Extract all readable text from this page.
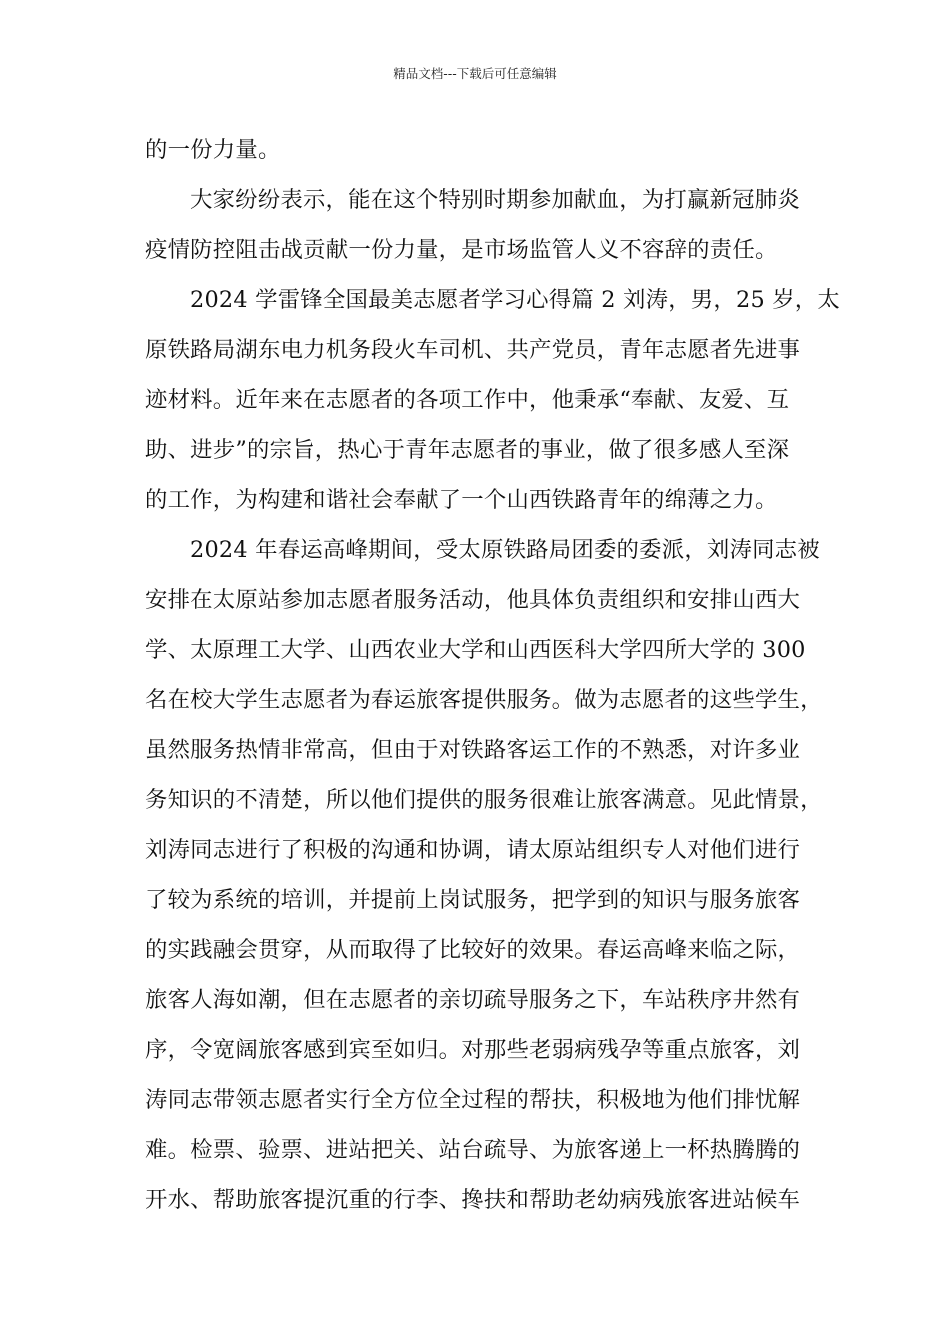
精品文档---下载后可任意编辑
的一份力量。
大家纷纷表示，能在这个特别时期参加献血，为打赢新冠肺炎
疫情防控阻击战贡献一份力量，是市场监管人义不容辞的责任。
2024 学雷锋全国最美志愿者学习心得篇 2 刘涛，男，25 岁，太
原铁路局湖东电力机务段火车司机、共产党员，青年志愿者先进事
迹材料。近年来在志愿者的各项工作中，他秉承“奉献、友爱、互
助、进步”的宗旨，热心于青年志愿者的事业，做了很多感人至深
的工作，为构建和谐社会奉献了一个山西铁路青年的绵薄之力。
2024 年春运高峰期间，受太原铁路局团委的委派，刘涛同志被
安排在太原站参加志愿者服务活动，他具体负责组织和安排山西大
学、太原理工大学、山西农业大学和山西医科大学四所大学的 300
名在校大学生志愿者为春运旅客提供服务。做为志愿者的这些学生，
虽然服务热情非常高，但由于对铁路客运工作的不熟悉，对许多业
务知识的不清楚，所以他们提供的服务很难让旅客满意。见此情景，
刘涛同志进行了积极的沟通和协调，请太原站组织专人对他们进行
了较为系统的培训，并提前上岗试服务，把学到的知识与服务旅客
的实践融会贯穿，从而取得了比较好的效果。春运高峰来临之际，
旅客人海如潮，但在志愿者的亲切疏导服务之下，车站秩序井然有
序，令宽阔旅客感到宾至如归。对那些老弱病残孕等重点旅客，刘
涛同志带领志愿者实行全方位全过程的帮扶，积极地为他们排忧解
难。检票、验票、进站把关、站台疏导、为旅客递上一杯热腾腾的
开水、帮助旅客提沉重的行李、搀扶和帮助老幼病残旅客进站候车
